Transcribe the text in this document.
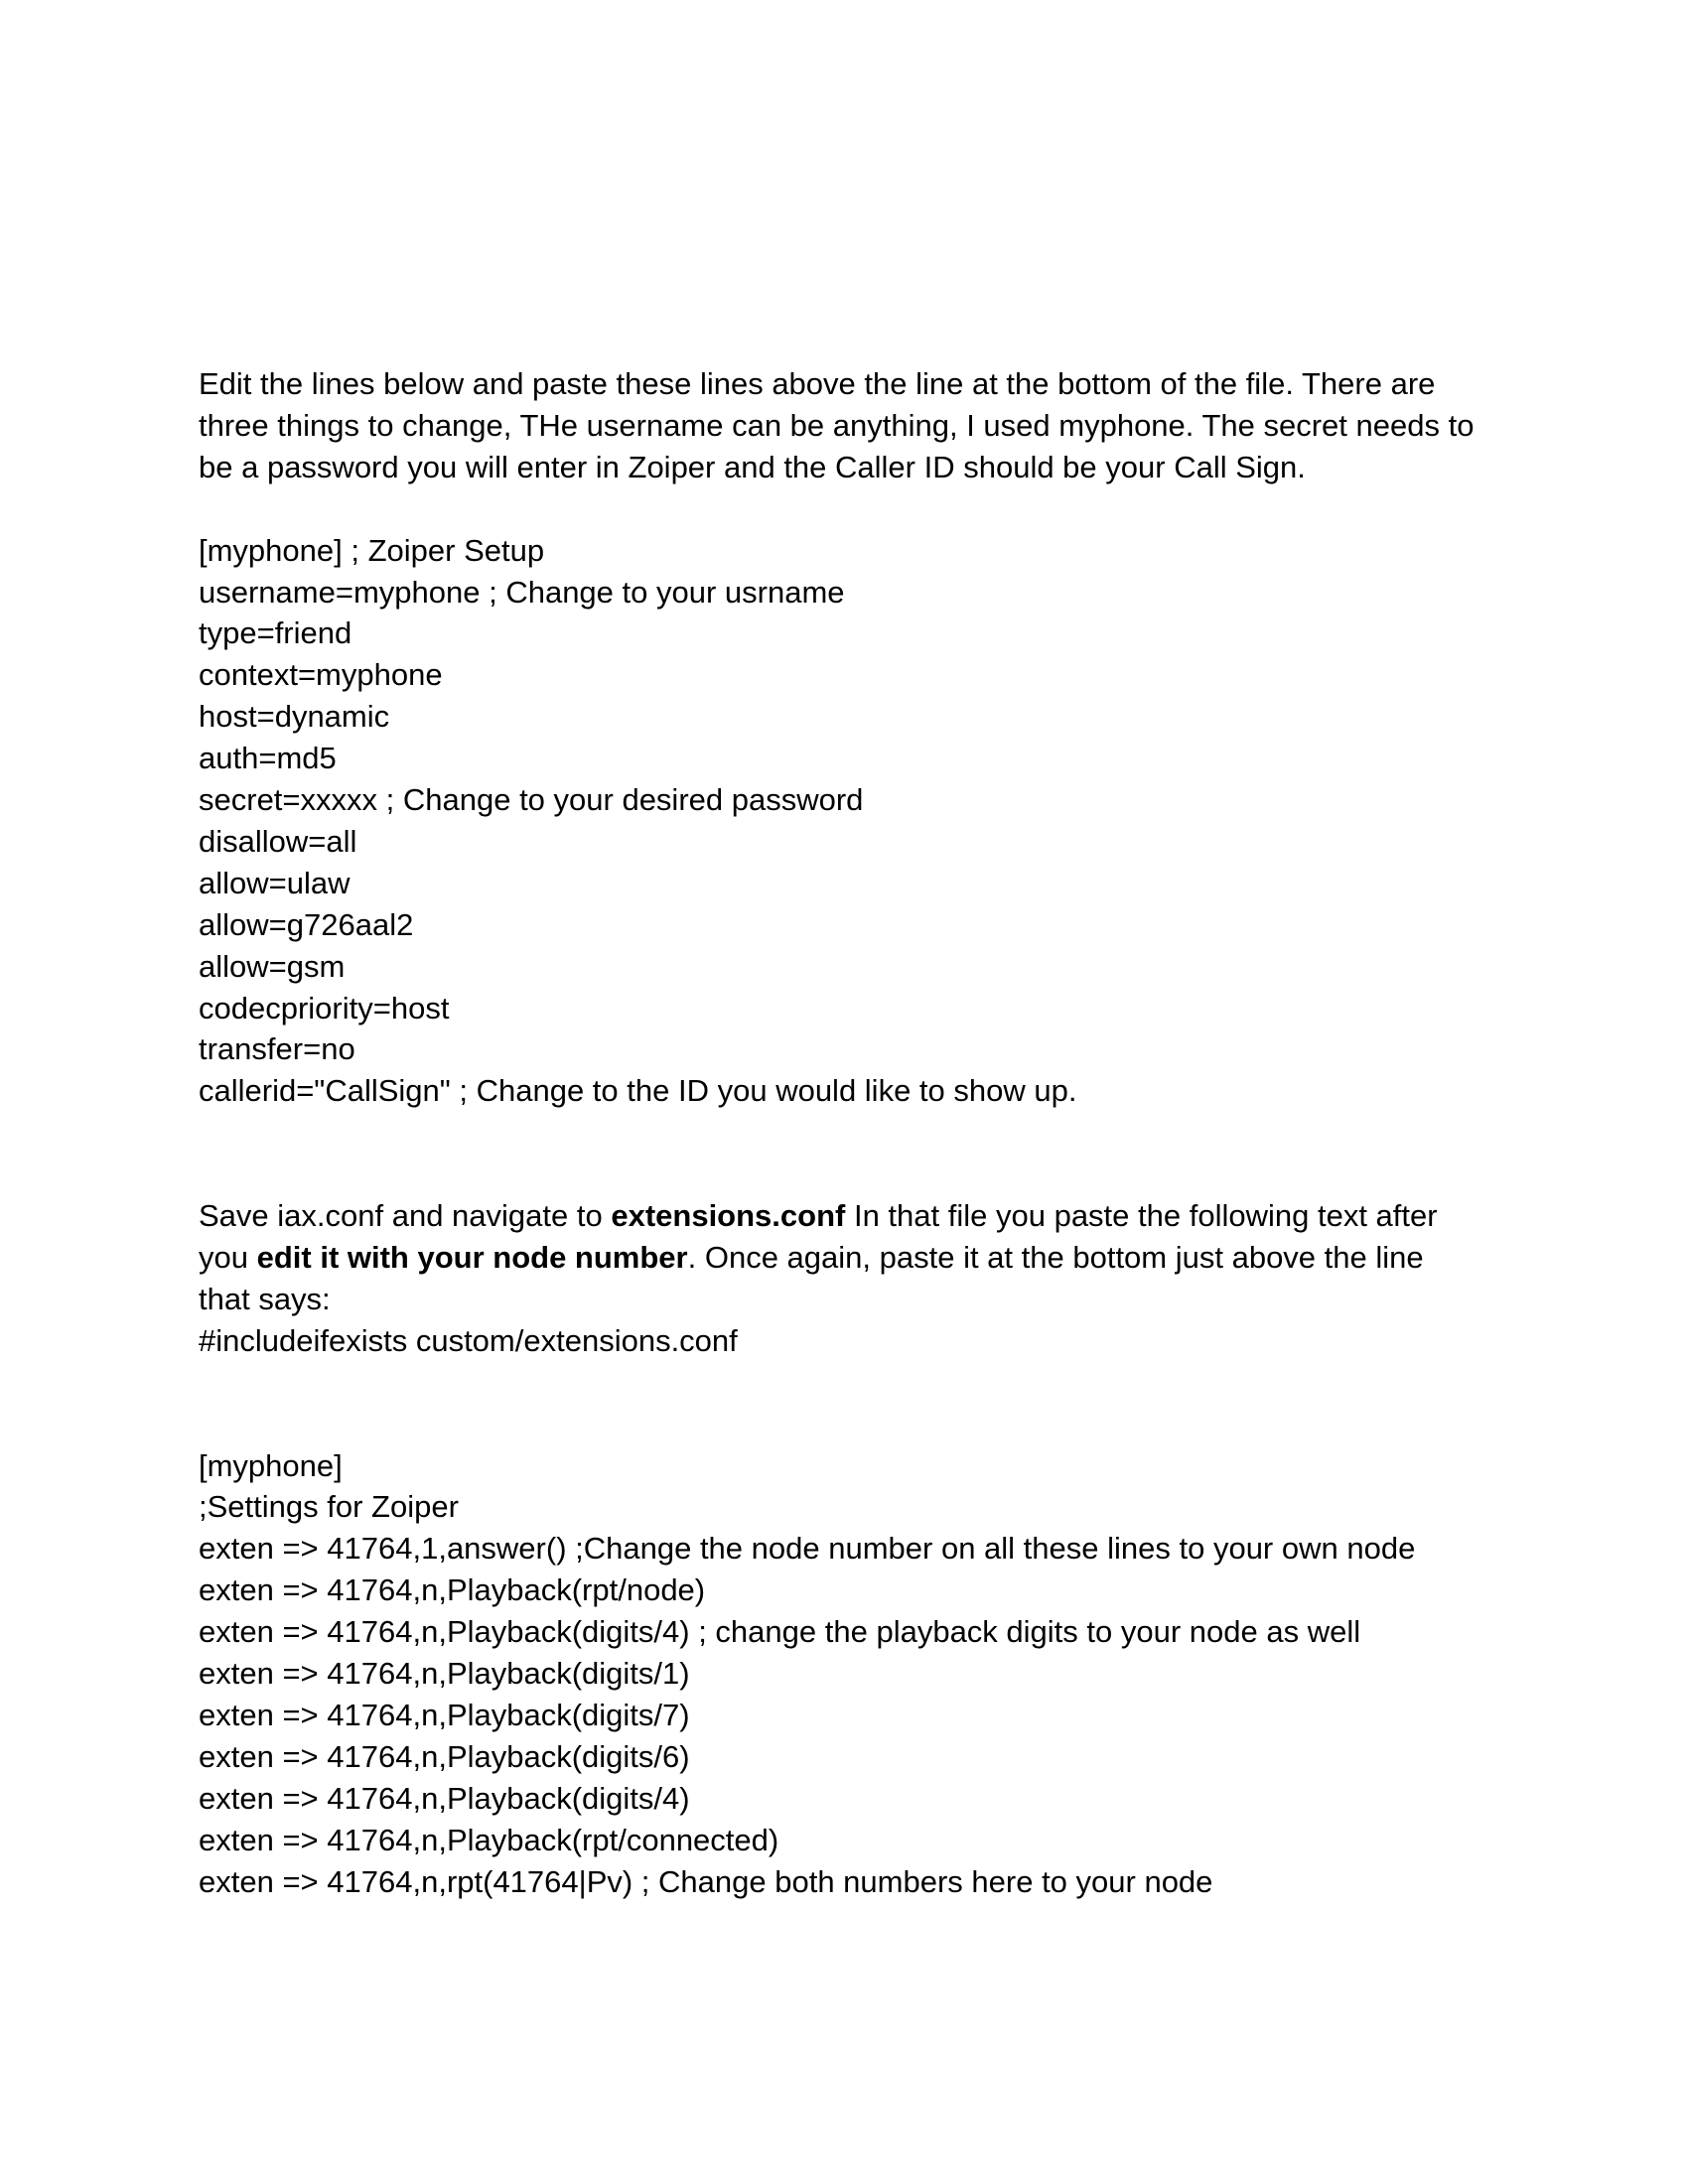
Edit the lines below and paste these lines above the line at the bottom of the file. There are
three things to change, THe username can be anything, I used myphone. The secret needs to
be a password you will enter in Zoiper and the Caller ID should be your Call Sign.
[myphone] ; Zoiper Setup
username=myphone ; Change to your usrname
type=friend
context=myphone
host=dynamic
auth=md5
secret=xxxxx ; Change to your desired password
disallow=all
allow=ulaw
allow=g726aal2
allow=gsm
codecpriority=host
transfer=no
callerid="CallSign" ; Change to the ID you would like to show up.
Save iax.conf and navigate to extensions.conf In that file you paste the following text after
you edit it with your node number. Once again, paste it at the bottom just above the line
that says:
#includeifexists custom/extensions.conf
[myphone]
;Settings for Zoiper
exten => 41764,1,answer() ;Change the node number on all these lines to your own node
exten => 41764,n,Playback(rpt/node)
exten => 41764,n,Playback(digits/4) ; change the playback digits to your node as well
exten => 41764,n,Playback(digits/1)
exten => 41764,n,Playback(digits/7)
exten => 41764,n,Playback(digits/6)
exten => 41764,n,Playback(digits/4)
exten => 41764,n,Playback(rpt/connected)
exten => 41764,n,rpt(41764|Pv) ; Change both numbers here to your node
